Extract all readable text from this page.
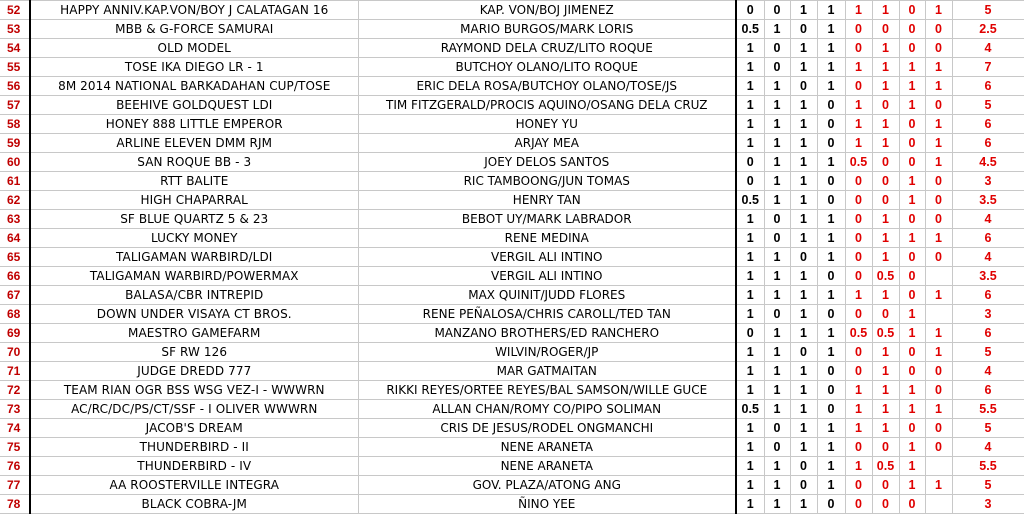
52	HAPPY ANNIV.KAP.VON/BOY J CALATAGAN 16	KAP. VON/BOJ JIMENEZ	0	0	1	1	1	1	0	1	5
53	MBB & G-FORCE SAMURAI	MARIO BURGOS/MARK LORIS	0.5	1	0	1	0	0	0	0	2.5
54	OLD MODEL	RAYMOND DELA CRUZ/LITO ROQUE	1	0	1	1	0	1	0	0	4
55	TOSE IKA DIEGO LR - 1	BUTCHOY OLANO/LITO ROQUE	1	0	1	1	1	1	1	1	7
56	8M 2014 NATIONAL BARKADAHAN CUP/TOSE	ERIC DELA ROSA/BUTCHOY OLANO/TOSE/JS	1	1	0	1	0	1	1	1	6
57	BEEHIVE GOLDQUEST LDI	TIM FITZGERALD/PROCIS AQUINO/OSANG DELA CRUZ	1	1	1	0	1	0	1	0	5
58	HONEY 888 LITTLE EMPEROR	HONEY YU	1	1	1	0	1	1	0	1	6
59	ARLINE ELEVEN DMM RJM	ARJAY MEA	1	1	1	0	1	1	0	1	6
60	SAN ROQUE BB - 3	JOEY DELOS SANTOS	0	1	1	1	0.5	0	0	1	4.5
61	RTT BALITE	RIC TAMBOONG/JUN TOMAS	0	1	1	0	0	0	1	0	3
62	HIGH CHAPARRAL	HENRY TAN	0.5	1	1	0	0	0	1	0	3.5
63	SF BLUE QUARTZ 5 & 23	BEBOT UY/MARK LABRADOR	1	0	1	1	0	1	0	0	4
64	LUCKY MONEY	RENE MEDINA	1	0	1	1	0	1	1	1	6
65	TALIGAMAN WARBIRD/LDI	VERGIL ALI INTINO	1	1	0	1	0	1	0	0	4
66	TALIGAMAN WARBIRD/POWERMAX	VERGIL ALI INTINO	1	1	1	0	0	0.5	0		3.5
67	BALASA/CBR INTREPID	MAX QUINIT/JUDD FLORES	1	1	1	1	1	1	0	1	6
68	DOWN UNDER VISAYA CT BROS.	RENE PEÑALOSA/CHRIS CAROLL/TED TAN	1	0	1	0	0	0	1		3
69	MAESTRO GAMEFARM	MANZANO BROTHERS/ED RANCHERO	0	1	1	1	0.5	0.5	1	1	6
70	SF RW 126	WILVIN/ROGER/JP	1	1	0	1	0	1	0	1	5
71	JUDGE DREDD 777	MAR GATMAITAN	1	1	1	0	0	1	0	0	4
72	TEAM RIAN OGR BSS WSG VEZ-I - WWWRN	RIKKI REYES/ORTEE REYES/BAL SAMSON/WILLE GUCE	1	1	1	0	1	1	1	0	6
73	AC/RC/DC/PS/CT/SSF - I OLIVER WWWRN	ALLAN CHAN/ROMY CO/PIPO SOLIMAN	0.5	1	1	0	1	1	1	1	5.5
74	JACOB'S DREAM	CRIS DE JESUS/RODEL ONGMANCHI	1	0	1	1	1	1	0	0	5
75	THUNDERBIRD - II	NENE ARANETA	1	0	1	1	0	0	1	0	4
76	THUNDERBIRD - IV	NENE ARANETA	1	1	0	1	1	0.5	1		5.5
77	AA ROOSTERVILLE INTEGRA	GOV. PLAZA/ATONG ANG	1	1	0	1	0	0	1	1	5
78	BLACK COBRA-JM	ÑINO YEE	1	1	1	0	0	0	0		3
